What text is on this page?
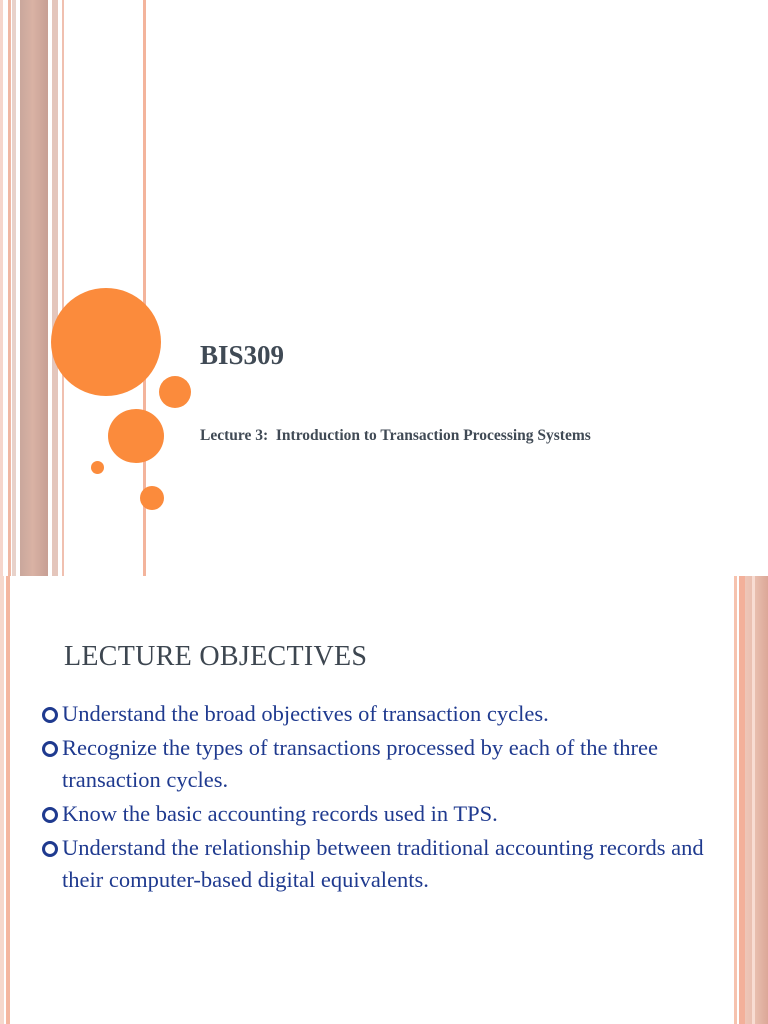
BIS309
Lecture 3:  Introduction to Transaction Processing Systems
LECTURE OBJECTIVES
Understand the broad objectives of transaction cycles.
Recognize the types of transactions processed by each of the three transaction cycles.
Know the basic accounting records used in TPS.
Understand the relationship between traditional accounting records and their computer-based digital equivalents.
